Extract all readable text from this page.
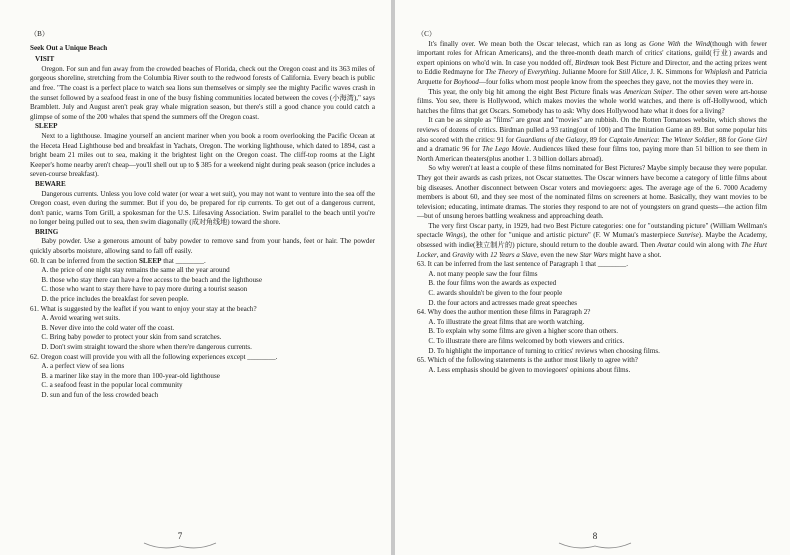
（B）

Seek Out a Unique Beach

VISIT

Oregon. For sun and fun away from the crowded beaches of Florida, check out the Oregon coast and its 363 miles of gorgeous shoreline, stretching from the Columbia River south to the redwood forests of California. Every beach is public and free. "The coast is a perfect place to watch sea lions sun themselves or simply see the mighty Pacific waves crash in the sunset followed by a seafood feast in one of the busy fishing communities located between the coves (小海湾)," says Bramblett. July and August aren't peak gray whale migration season, but there's still a good chance you could catch a glimpse of some of the 200 whales that spend the summers off the Oregon coast.

SLEEP

Next to a lighthouse. Imagine yourself an ancient mariner when you book a room overlooking the Pacific Ocean at the Heceta Head Lighthouse bed and breakfast in Yachats, Oregon. The working lighthouse, which dated to 1894, cast a bright beam 21 miles out to sea, making it the brightest light on the Oregon coast. The cliff-top rooms at the Light Keeper's home nearby aren't cheap—you'll shell out up to $ 385 for a weekend night during peak season (price includes a seven-course breakfast).

BEWARE

Dangerous currents. Unless you love cold water (or wear a wet suit), you may not want to venture into the sea off the Oregon coast, even during the summer. But if you do, be prepared for rip currents. To get out of a dangerous current, don't panic, warns Tom Grill, a spokesman for the U.S. Lifesaving Association. Swim parallel to the beach until you're no longer being pulled out to sea, then swim diagonally (成对角线地) toward the shore.

BRING

Baby powder. Use a generous amount of baby powder to remove sand from your hands, feet or hair. The powder quickly absorbs moisture, allowing sand to fall off easily.

60. It can be inferred from the section SLEEP that ________.

A. the price of one night stay remains the same all the year around

B. those who stay there can have a free access to the beach and the lighthouse

C. those who want to stay there have to pay more during a tourist season

D. the price includes the breakfast for seven people.

61. What is suggested by the leaflet if you want to enjoy your stay at the beach?

A. Avoid wearing wet suits.

B. Never dive into the cold water off the coast.

C. Bring baby powder to protect your skin from sand scratches.

D. Don't swim straight toward the shore when there're dangerous currents.

62. Oregon coast will provide you with all the following experiences except ________.

A. a perfect view of sea lions

B. a mariner like stay in the more than 100-year-old lighthouse

C. a seafood feast in the popular local community

D. sun and fun of the less crowded beach

7

（C）

It's finally over. We mean both the Oscar telecast, which ran as long as Gone With the Wind(though with fewer important roles for African Americans), and the three-month death march of critics' citations, guild(行业) awards and expert opinions on who'd win. In case you nodded off, Birdman took Best Picture and Director, and the acting prizes went to Eddie Redmayne for The Theory of Everything. Julianne Moore for Still Alice, J. K. Simmons for Whiplash and Patricia Arquette for Boyhood—four folks whom most people know from the speeches they gave, not the movies they were in.

This year, the only big hit among the eight Best Picture finals was American Sniper. The other seven were art-house films. You see, there is Hollywood, which makes movies the whole world watches, and there is off-Hollywood, which hatches the films that get Oscars. Somebody has to ask: Why does Hollywood hate what it does for a living?

It can be as simple as "films" are great and "movies" are rubbish. On the Rotten Tomatoes website, which shows the reviews of dozens of critics. Birdman pulled a 93 rating(out of 100) and The Imitation Game an 89. But some popular hits also scored with the critics: 91 for Guardians of the Galaxy, 89 for Captain America: The Winter Soldier, 88 for Gone Girl and a dramatic 96 for The Lego Movie. Audiences liked these four films too, paying more than 51 billion to see them in North American theaters(plus another 1. 3 billion dollars abroad).

So why weren't at least a couple of these films nominated for Best Pictures? Maybe simply because they were popular. They got their awards as cash prizes, not Oscar statuettes. The Oscar winners have become a category of little films about big diseases. Another disconnect between Oscar voters and moviegoers: ages. The average age of the 6. 7000 Academy members is about 60, and they see most of the nominated films on screeners at home. Basically, they want movies to be television; educating, intimate dramas. The stories they respond to are not of youngsters on grand quests—the action film—but of unsung heroes battling weakness and approaching death.

The very first Oscar party, in 1929, had two Best Picture categories: one for "outstanding picture" (William Wellman's spectacle Wings), the other for "unique and artistic picture" (F. W Mumau's masterpiece Sunrise). Maybe the Academy, obsessed with indie(独立制片的) picture, should return to the double award. Then Avatar could win along with The Hurt Locker, and Gravity with 12 Years a Slave, even the new Star Wars might have a shot.

63. It can be inferred from the last sentence of Paragraph 1 that ________.

A. not many people saw the four films

B. the four films won the awards as expected

C. awards shouldn't be given to the four people

D. the four actors and actresses made great speeches

64. Why does the author mention these films in Paragraph 2?

A. To illustrate the great films that are worth watching.

B. To explain why some films are given a higher score than others.

C. To illustrate there are films welcomed by both viewers and critics.

D. To highlight the importance of turning to critics' reviews when choosing films.

65. Which of the following statements is the author most likely to agree with?

A. Less emphasis should be given to moviegoers' opinions about films.

8
